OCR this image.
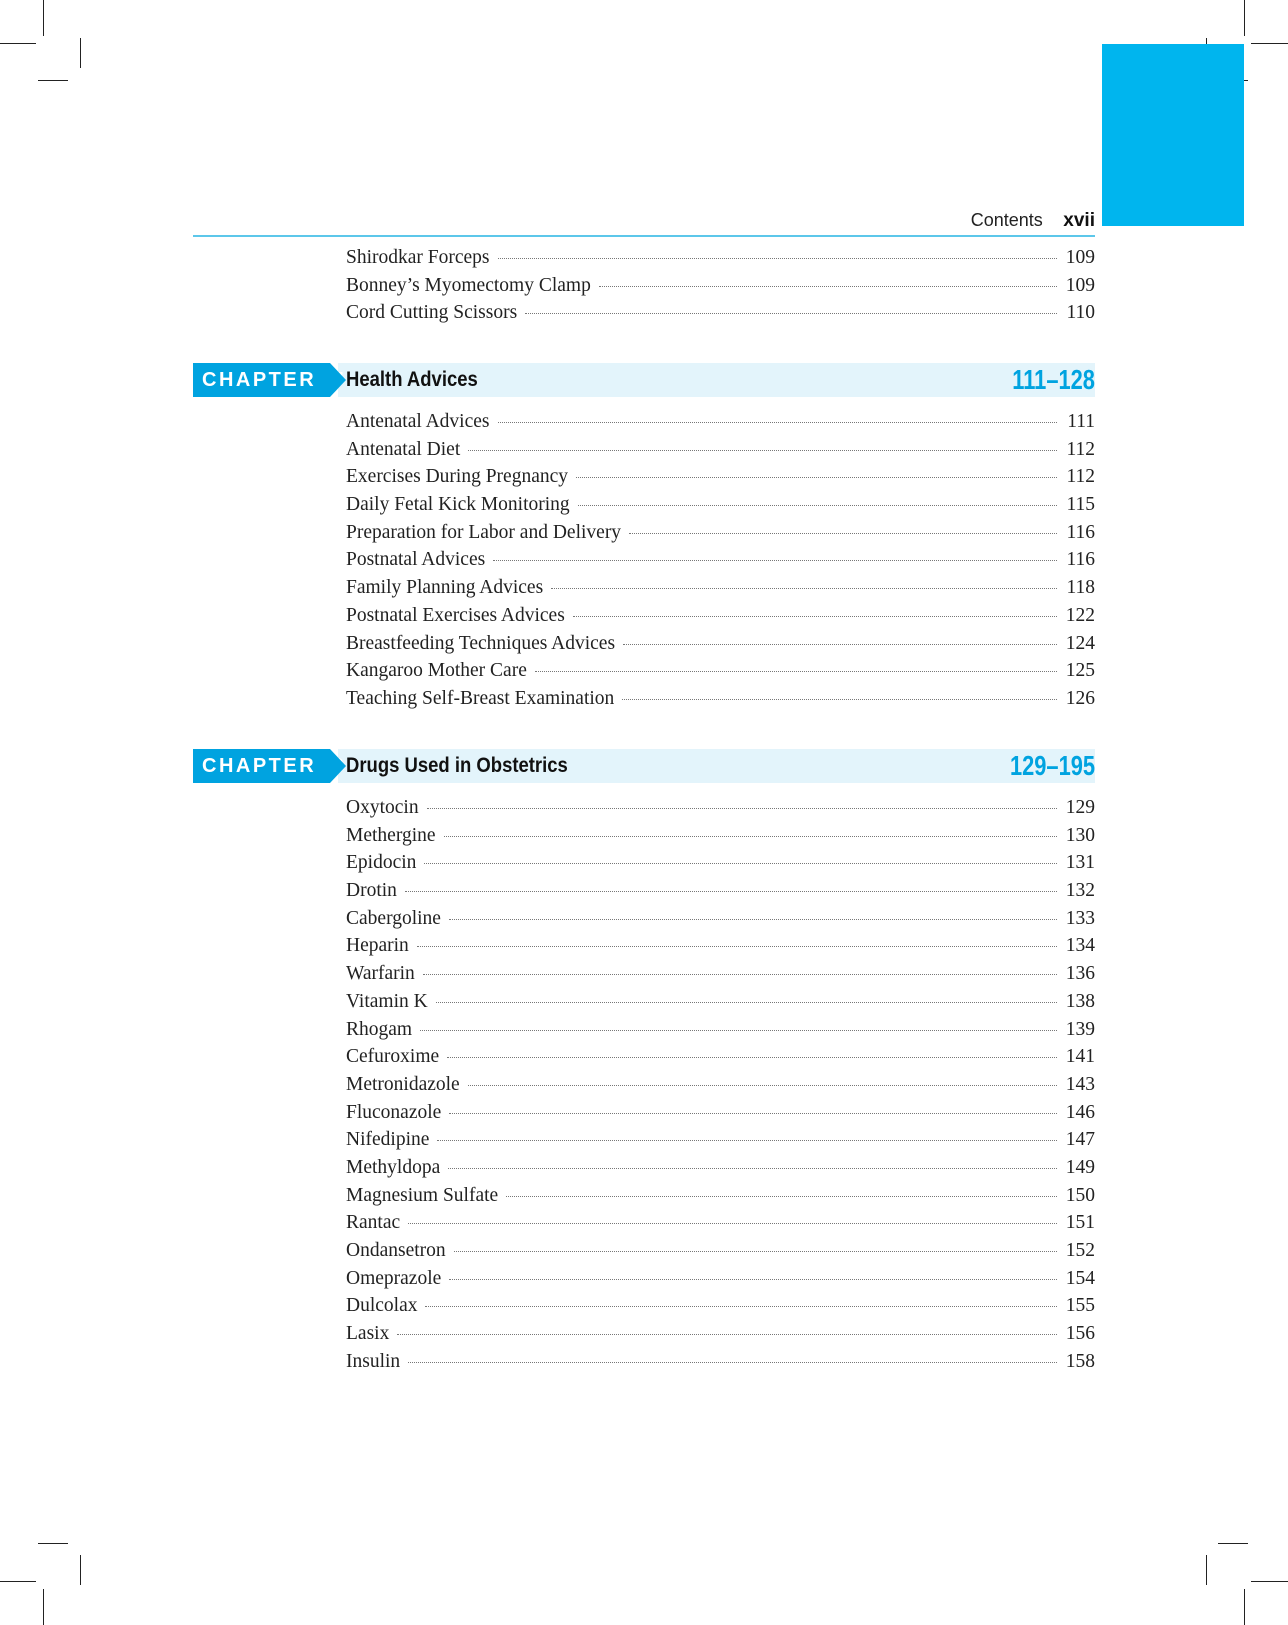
Contents xvii
Shirodkar Forceps	109
Bonney’s Myomectomy Clamp	109
Cord Cutting Scissors	110
CHAPTER 7 Health Advices	111–128
Antenatal Advices	111
Antenatal Diet	112
Exercises During Pregnancy	112
Daily Fetal Kick Monitoring	115
Preparation for Labor and Delivery	116
Postnatal Advices	116
Family Planning Advices	118
Postnatal Exercises Advices	122
Breastfeeding Techniques Advices	124
Kangaroo Mother Care	125
Teaching Self-Breast Examination	126
CHAPTER 8 Drugs Used in Obstetrics	129–195
Oxytocin	129
Methergine	130
Epidocin	131
Drotin	132
Cabergoline	133
Heparin	134
Warfarin	136
Vitamin K	138
Rhogam	139
Cefuroxime	141
Metronidazole	143
Fluconazole	146
Nifedipine	147
Methyldopa	149
Magnesium Sulfate	150
Rantac	151
Ondansetron	152
Omeprazole	154
Dulcolax	155
Lasix	156
Insulin	158
